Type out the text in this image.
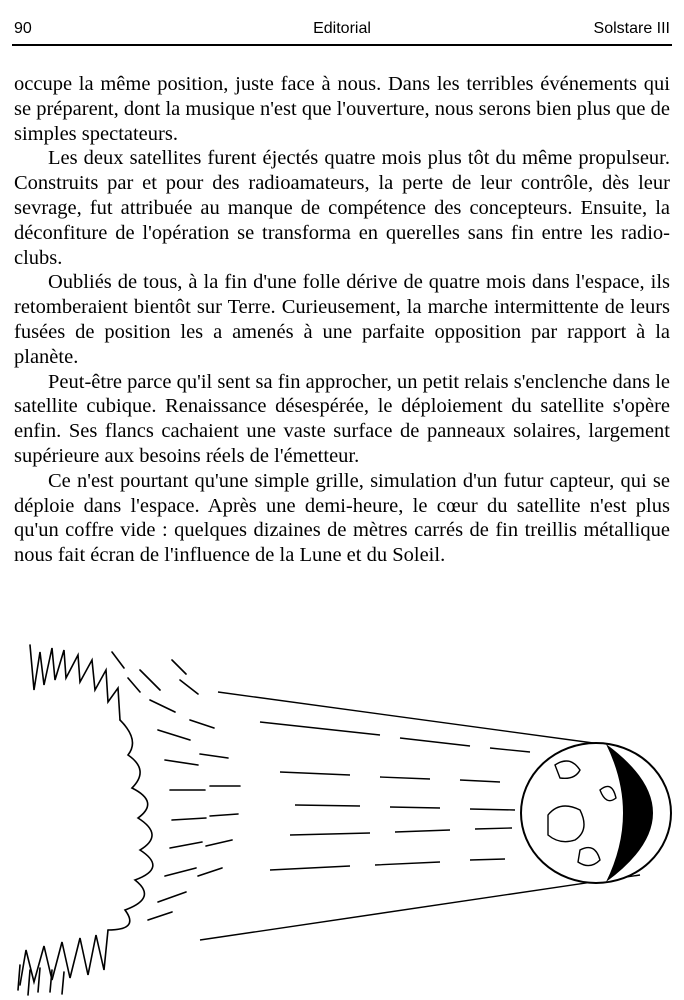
90	Editorial	Solstare III

occupe la même position, juste face à nous. Dans les terribles événements qui se préparent, dont la musique n'est que l'ouverture, nous serons bien plus que de simples spectateurs.

Les deux satellites furent éjectés quatre mois plus tôt du même propulseur. Construits par et pour des radioamateurs, la perte de leur contrôle, dès leur sevrage, fut attribuée au manque de compétence des concepteurs. Ensuite, la déconfiture de l'opération se transforma en querelles sans fin entre les radio-clubs.

Oubliés de tous, à la fin d'une folle dérive de quatre mois dans l'espace, ils retomberaient bientôt sur Terre. Curieusement, la marche intermittente de leurs fusées de position les a amenés à une parfaite opposition par rapport à la planète.

Peut-être parce qu'il sent sa fin approcher, un petit relais s'enclenche dans le satellite cubique. Renaissance désespérée, le déploiement du satellite s'opère enfin. Ses flancs cachaient une vaste surface de panneaux solaires, largement supérieure aux besoins réels de l'émetteur.

Ce n'est pourtant qu'une simple grille, simulation d'un futur capteur, qui se déploie dans l'espace. Après une demi-heure, le cœur du satellite n'est plus qu'un coffre vide : quelques dizaines de mètres carrés de fin treillis métallique nous fait écran de l'influence de la Lune et du Soleil.
